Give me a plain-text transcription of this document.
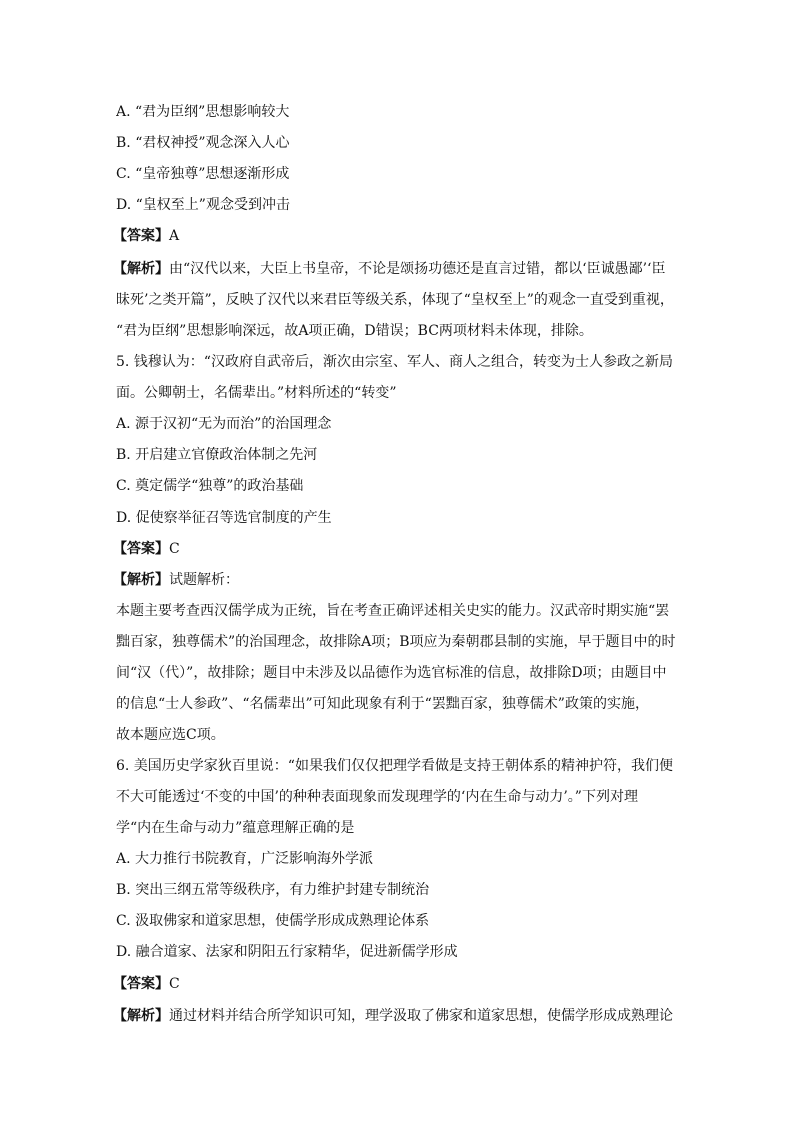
A. “君为臣纲”思想影响较大
B. “君权神授”观念深入人心
C. “皇帝独尊”思想逐渐形成
D. “皇权至上”观念受到冲击
【答案】A
【解析】由“汉代以来，大臣上书皇帝，不论是颂扬功德还是直言过错，都以‘臣诚愚鄙’‘臣
昧死’之类开篇”，反映了汉代以来君臣等级关系，体现了“皇权至上”的观念一直受到重视，
“君为臣纲”思想影响深远，故A项正确，D错误；BC两项材料未体现，排除。
5. 钱穆认为：“汉政府自武帝后，渐次由宗室、军人、商人之组合，转变为士人参政之新局
面。公卿朝士，名儒辈出。”材料所述的“转变”
A. 源于汉初“无为而治”的治国理念
B. 开启建立官僚政治体制之先河
C. 奠定儒学“独尊”的政治基础
D. 促使察举征召等选官制度的产生
【答案】C
【解析】试题解析：
本题主要考查西汉儒学成为正统，旨在考查正确评述相关史实的能力。汉武帝时期实施“罢
黜百家，独尊儒术”的治国理念，故排除A项；B项应为秦朝郡县制的实施，早于题目中的时
间“汉（代）”，故排除；题目中未涉及以品德作为选官标准的信息，故排除D项；由题目中
的信息“士人参政”、“名儒辈出”可知此现象有利于“罢黜百家，独尊儒术”政策的实施，
故本题应选C项。
6. 美国历史学家狄百里说：“如果我们仅仅把理学看做是支持王朝体系的精神护符，我们便
不大可能透过‘不变的中国’的种种表面现象而发现理学的‘内在生命与动力’。”下列对理
学“内在生命与动力”蕴意理解正确的是
A. 大力推行书院教育，广泛影响海外学派
B. 突出三纲五常等级秩序，有力维护封建专制统治
C. 汲取佛家和道家思想，使儒学形成成熟理论体系
D. 融合道家、法家和阴阳五行家精华，促进新儒学形成
【答案】C
【解析】通过材料并结合所学知识可知，理学汲取了佛家和道家思想，使儒学形成成熟理论
